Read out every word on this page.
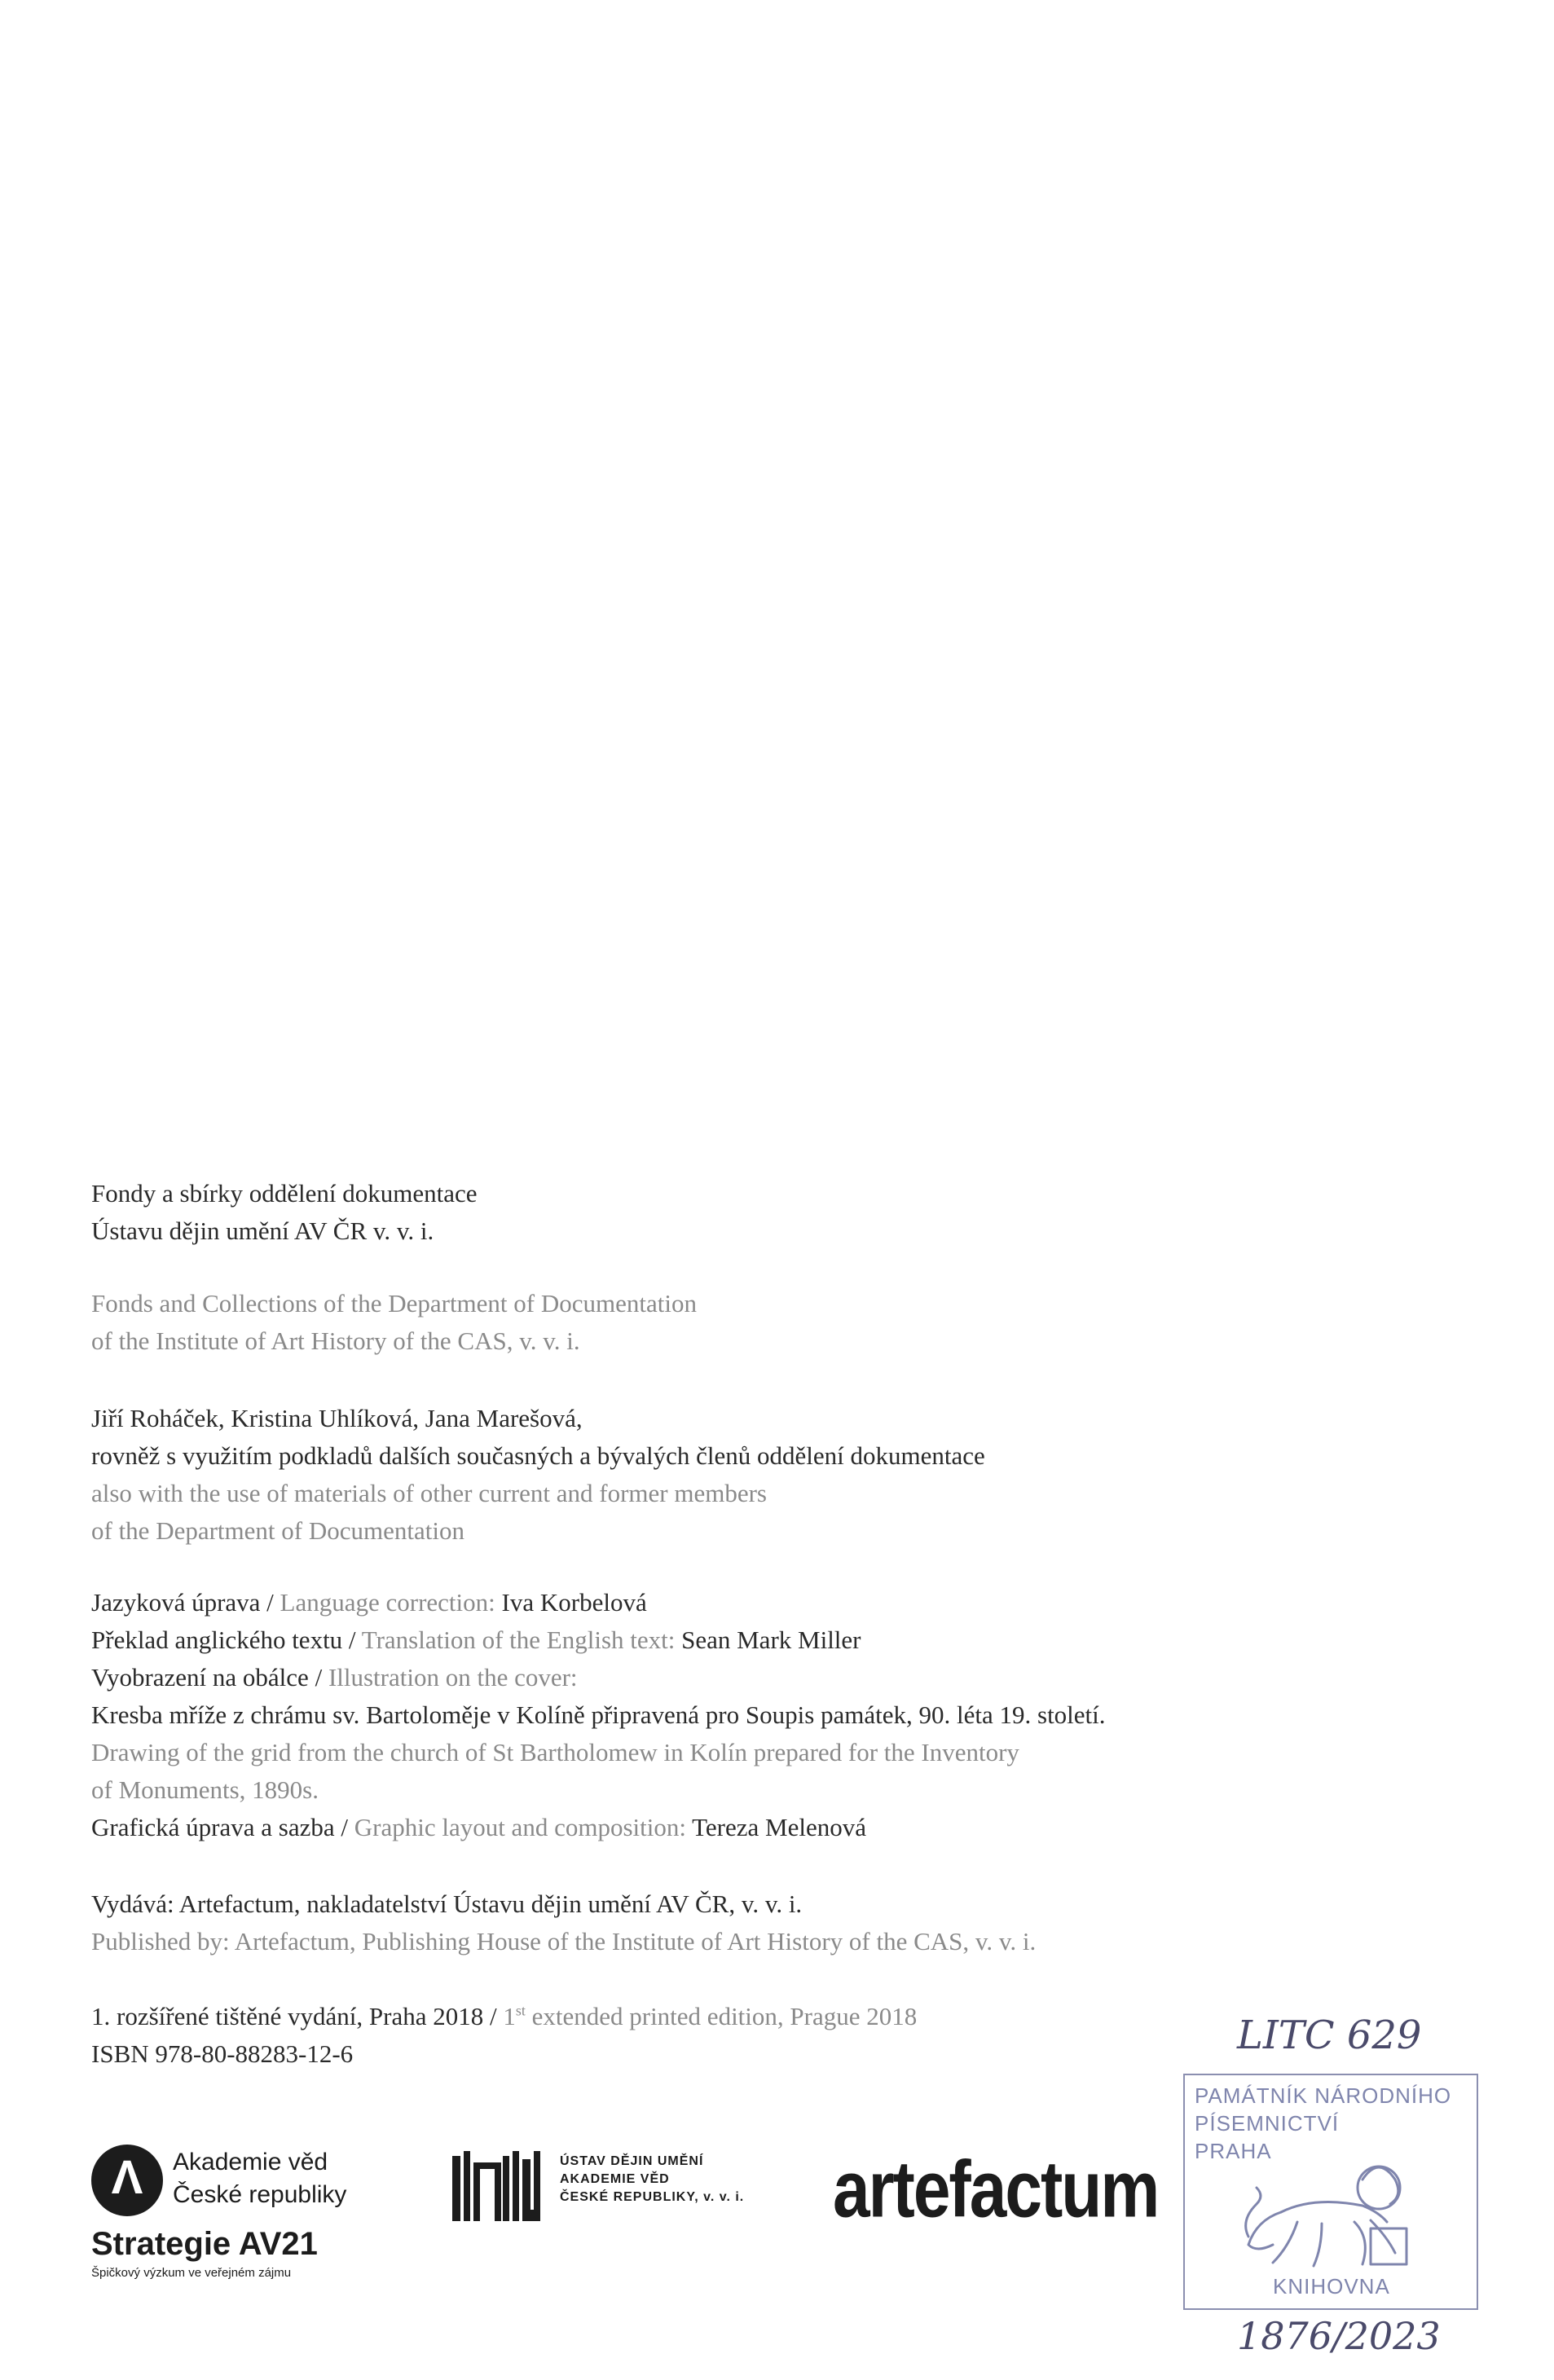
Fondy a sbírky oddělení dokumentace
Ústavu dějin umění AV ČR v. v. i.
Fonds and Collections of the Department of Documentation
of the Institute of Art History of the CAS, v. v. i.
Jiří Roháček, Kristina Uhlíková, Jana Marešová,
rovněž s využitím podkladů dalších současných a bývalých členů oddělení dokumentace
also with the use of materials of other current and former members
of the Department of Documentation
Jazyková úprava / Language correction: Iva Korbelová
Překlad anglického textu / Translation of the English text: Sean Mark Miller
Vyobrazení na obálce / Illustration on the cover:
Kresba mříže z chrámu sv. Bartoloměje v Kolíně připravená pro Soupis památek, 90. léta 19. století.
Drawing of the grid from the church of St Bartholomew in Kolín prepared for the Inventory
of Monuments, 1890s.
Grafická úprava a sazba / Graphic layout and composition: Tereza Melenová
Vydává: Artefactum, nakladatelství Ústavu dějin umění AV ČR, v. v. i.
Published by: Artefactum, Publishing House of the Institute of Art History of the CAS, v. v. i.
1. rozšířené tištěné vydání, Praha 2018 / 1st extended printed edition, Prague 2018
ISBN 978-80-88283-12-6
Λ	Akademie věd
České republiky
Strategie AV21
Špičkový výzkum ve veřejném zájmu
ÚSTAV DĚJIN UMĚNÍ
AKADEMIE VĚD
ČESKÉ REPUBLIKY, v. v. i. artefactum
LITC 629
PAMÁTNÍK NÁRODNÍHO
PÍSEMNICTVÍ
PRAHA
KNIHOVNA
1876/2023
